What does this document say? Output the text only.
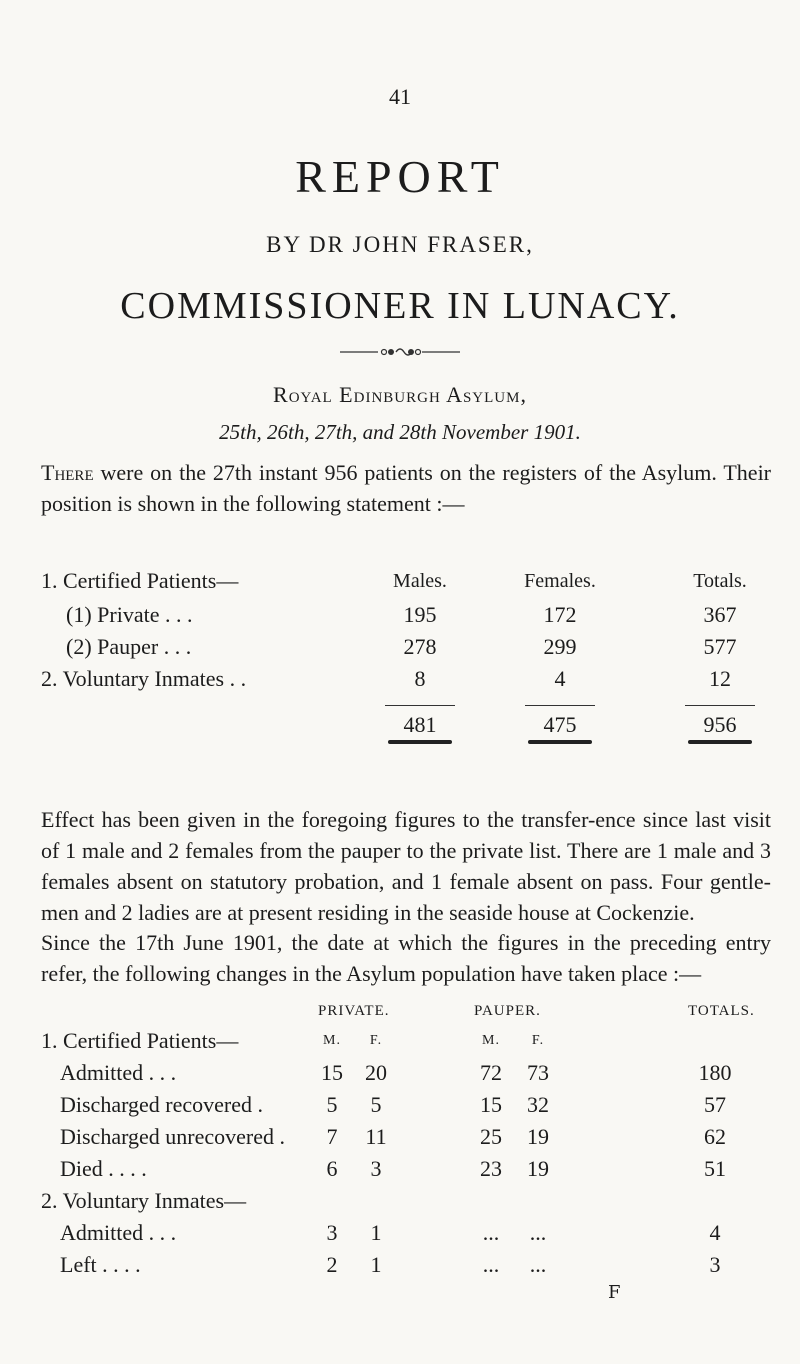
41
REPORT
BY DR JOHN FRASER,
COMMISSIONER IN LUNACY.
Royal Edinburgh Asylum,
25th, 26th, 27th, and 28th November 1901.
There were on the 27th instant 956 patients on the registers of the Asylum. Their position is shown in the following statement :—
1. Certified Patients—	Males.	Females.	Totals.
(1) Private . . .	195	172	367
(2) Pauper . . .	278	299	577
2. Voluntary Inmates . .	8	4	12
481	475	956
Effect has been given in the foregoing figures to the transfer-ence since last visit of 1 male and 2 females from the pauper to the private list. There are 1 male and 3 females absent on statutory probation, and 1 female absent on pass. Four gentle-men and 2 ladies are at present residing in the seaside house at Cockenzie.
Since the 17th June 1901, the date at which the figures in the preceding entry refer, the following changes in the Asylum population have taken place :—
PRIVATE.	PAUPER.	TOTALS.
1. Certified Patients—	M.	F.	M.	F.
Admitted . . .	15	20	72	73	180
Discharged recovered .	5	5	15	32	57
Discharged unrecovered .	7	11	25	19	62
Died . . . .	6	3	23	19	51
2. Voluntary Inmates—
Admitted . . .	3	1	...	...	4
Left . . . .	2	1	...	...	3
F
